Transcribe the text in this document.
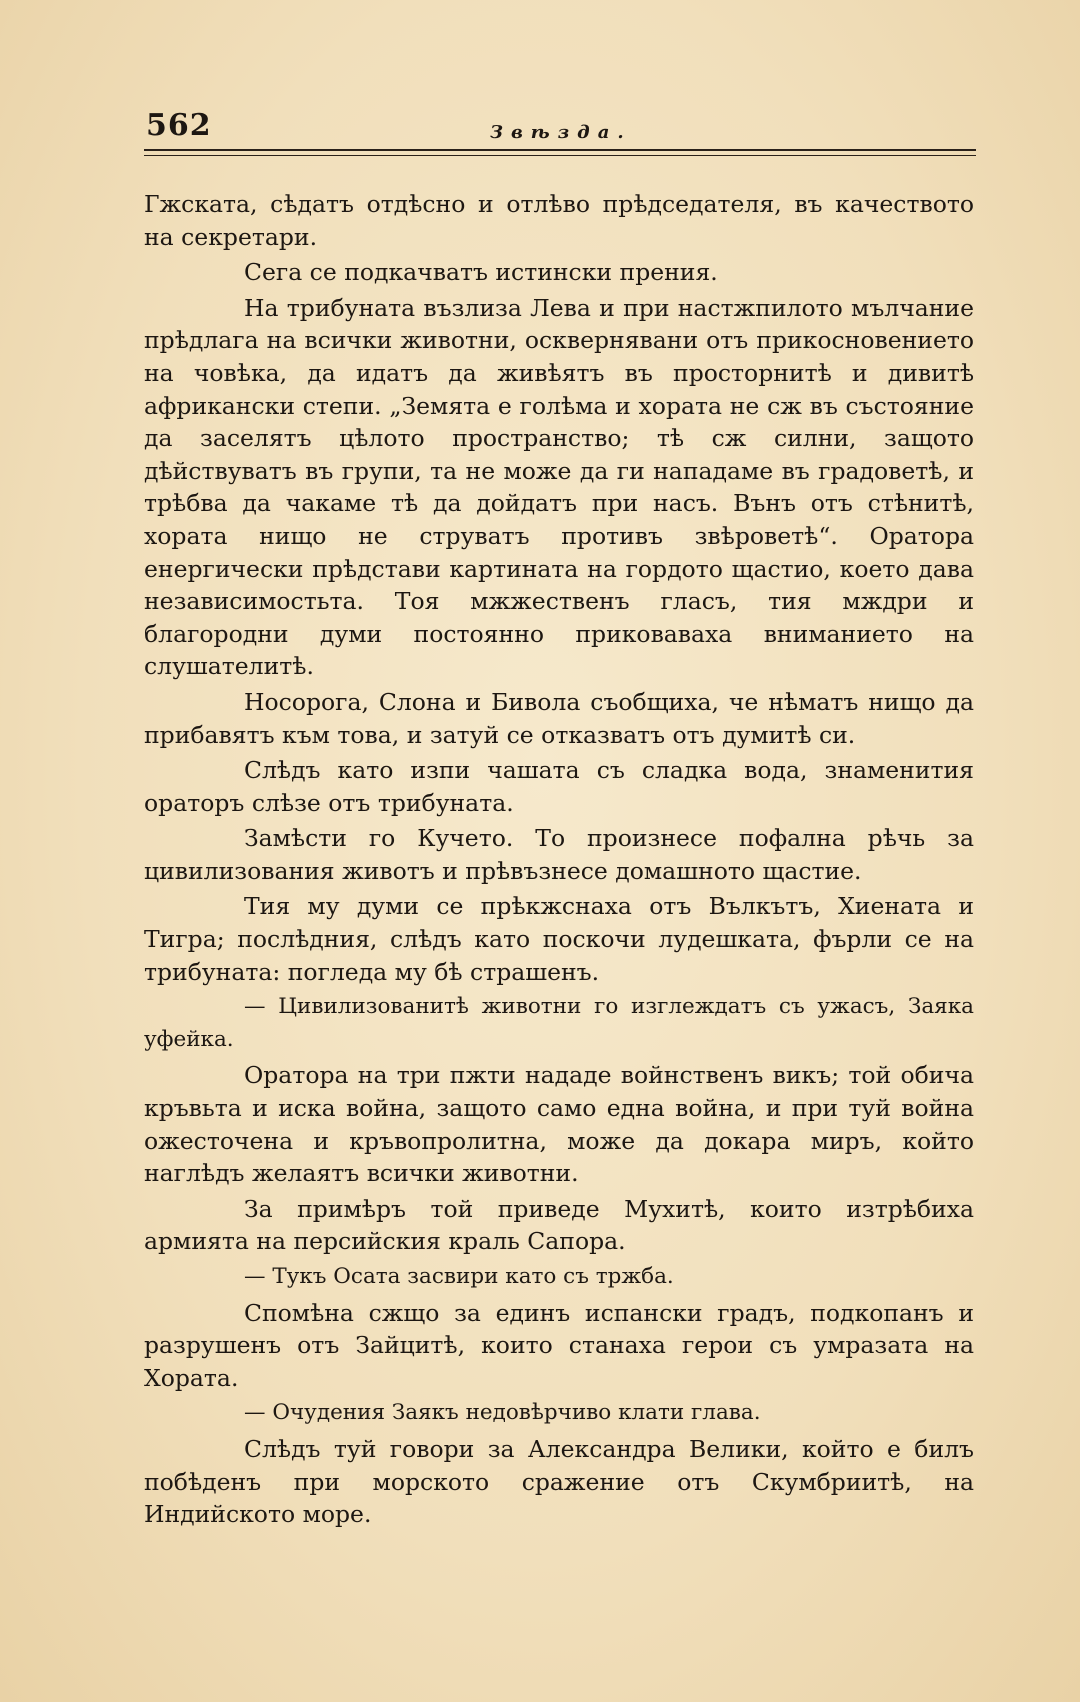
562	Звѣзда.

Гжската, сѣдатъ отдѣсно и отлѣво прѣдседателя, въ качеството на секретари.

Сега се подкачватъ истински прения.

На трибуната възлиза Лева и при настжпилото мълчание прѣдлага на всички животни, осквернявани отъ прикосновението на човѣка, да идатъ да живѣятъ въ просторнитѣ и дивитѣ африкански степи. „Земята е голѣма и хората не сж въ състояние да заселятъ цѣлото пространство; тѣ сж силни, защото дѣйствуватъ въ групи, та не може да ги нападаме въ градоветѣ, и трѣбва да чакаме тѣ да дойдатъ при насъ. Вънъ отъ стѣнитѣ, хората нищо не струватъ противъ звѣроветѣ“. Оратора енергически прѣдстави картината на гордото щастио, което дава независимостьта. Тоя мжжественъ гласъ, тия мждри и благородни думи постоянно приковаваха вниманието на слушателитѣ.

Носорога, Слона и Бивола съобщиха, че нѣматъ нищо да прибавятъ към това, и затуй се отказватъ отъ думитѣ си.

Слѣдъ като изпи чашата съ сладка вода, знаменития ораторъ слѣзе отъ трибуната.

Замѣсти го Кучето. То произнесе пофална рѣчь за цивилизования животъ и прѣвъзнесе домашното щастие.

Тия му думи се прѣкжснаха отъ Вълкътъ, Хиената и Тигра; послѣдния, слѣдъ като поскочи лудешката, фърли се на трибуната: погледа му бѣ страшенъ.

— Цивилизованитѣ животни го изглеждатъ съ ужасъ, Заяка уфейка.

Оратора на три пжти нададе войнственъ викъ; той обича кръвьта и иска война, защото само една война, и при туй война ожесточена и кръвопролитна, може да докара миръ, който наглѣдъ желаятъ всички животни.

За примѣръ той приведе Мухитѣ, които изтрѣбиха армията на персийския краль Сапора.

— Тукъ Осата засвири като съ тржба.

Спомѣна сжщо за единъ испански градъ, подкопанъ и разрушенъ отъ Зайцитѣ, които станаха герои съ умразата на Хората.

— Очудения Заякъ недовѣрчиво клати глава.

Слѣдъ туй говори за Александра Велики, който е билъ побѣденъ при морското сражение отъ Скумбриитѣ, на Индийското море.
